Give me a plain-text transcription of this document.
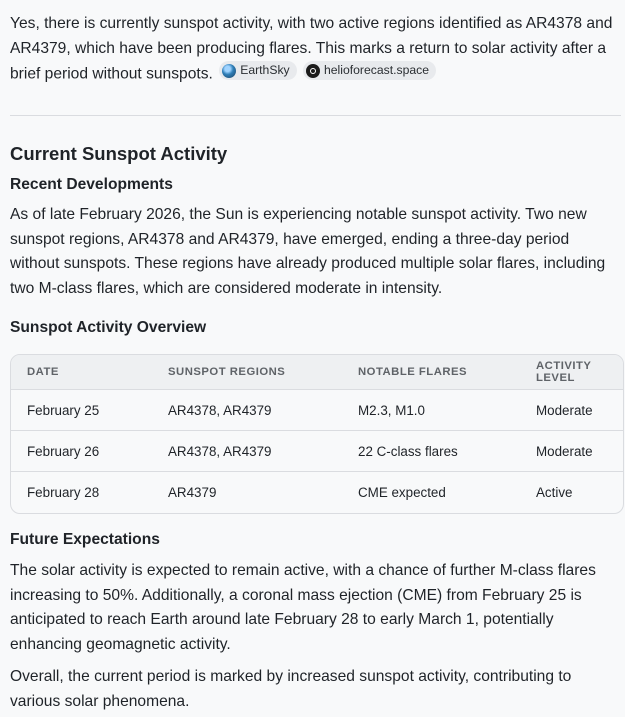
Yes, there is currently sunspot activity, with two active regions identified as AR4378 and AR4379, which have been producing flares. This marks a return to solar activity after a brief period without sunspots. EarthSky
	helioforecast.space

Current Sunspot Activity
Recent Developments

As of late February 2026, the Sun is experiencing notable sunspot activity. Two new sunspot regions, AR4378 and AR4379, have emerged, ending a three-day period without sunspots. These regions have already produced multiple solar flares, including two M-class flares, which are considered moderate in intensity.

Sunspot Activity Overview
DATE	SUNSPOT REGIONS	NOTABLE FLARES	ACTIVITY LEVEL
February 25	AR4378, AR4379	M2.3, M1.0	Moderate
February 26	AR4378, AR4379	22 C-class flares	Moderate
February 28	AR4379	CME expected	Active
Future Expectations

The solar activity is expected to remain active, with a chance of further M-class flares increasing to 50%. Additionally, a coronal mass ejection (CME) from February 25 is anticipated to reach Earth around late February 28 to early March 1, potentially enhancing geomagnetic activity.

Overall, the current period is marked by increased sunspot activity, contributing to various solar phenomena.
